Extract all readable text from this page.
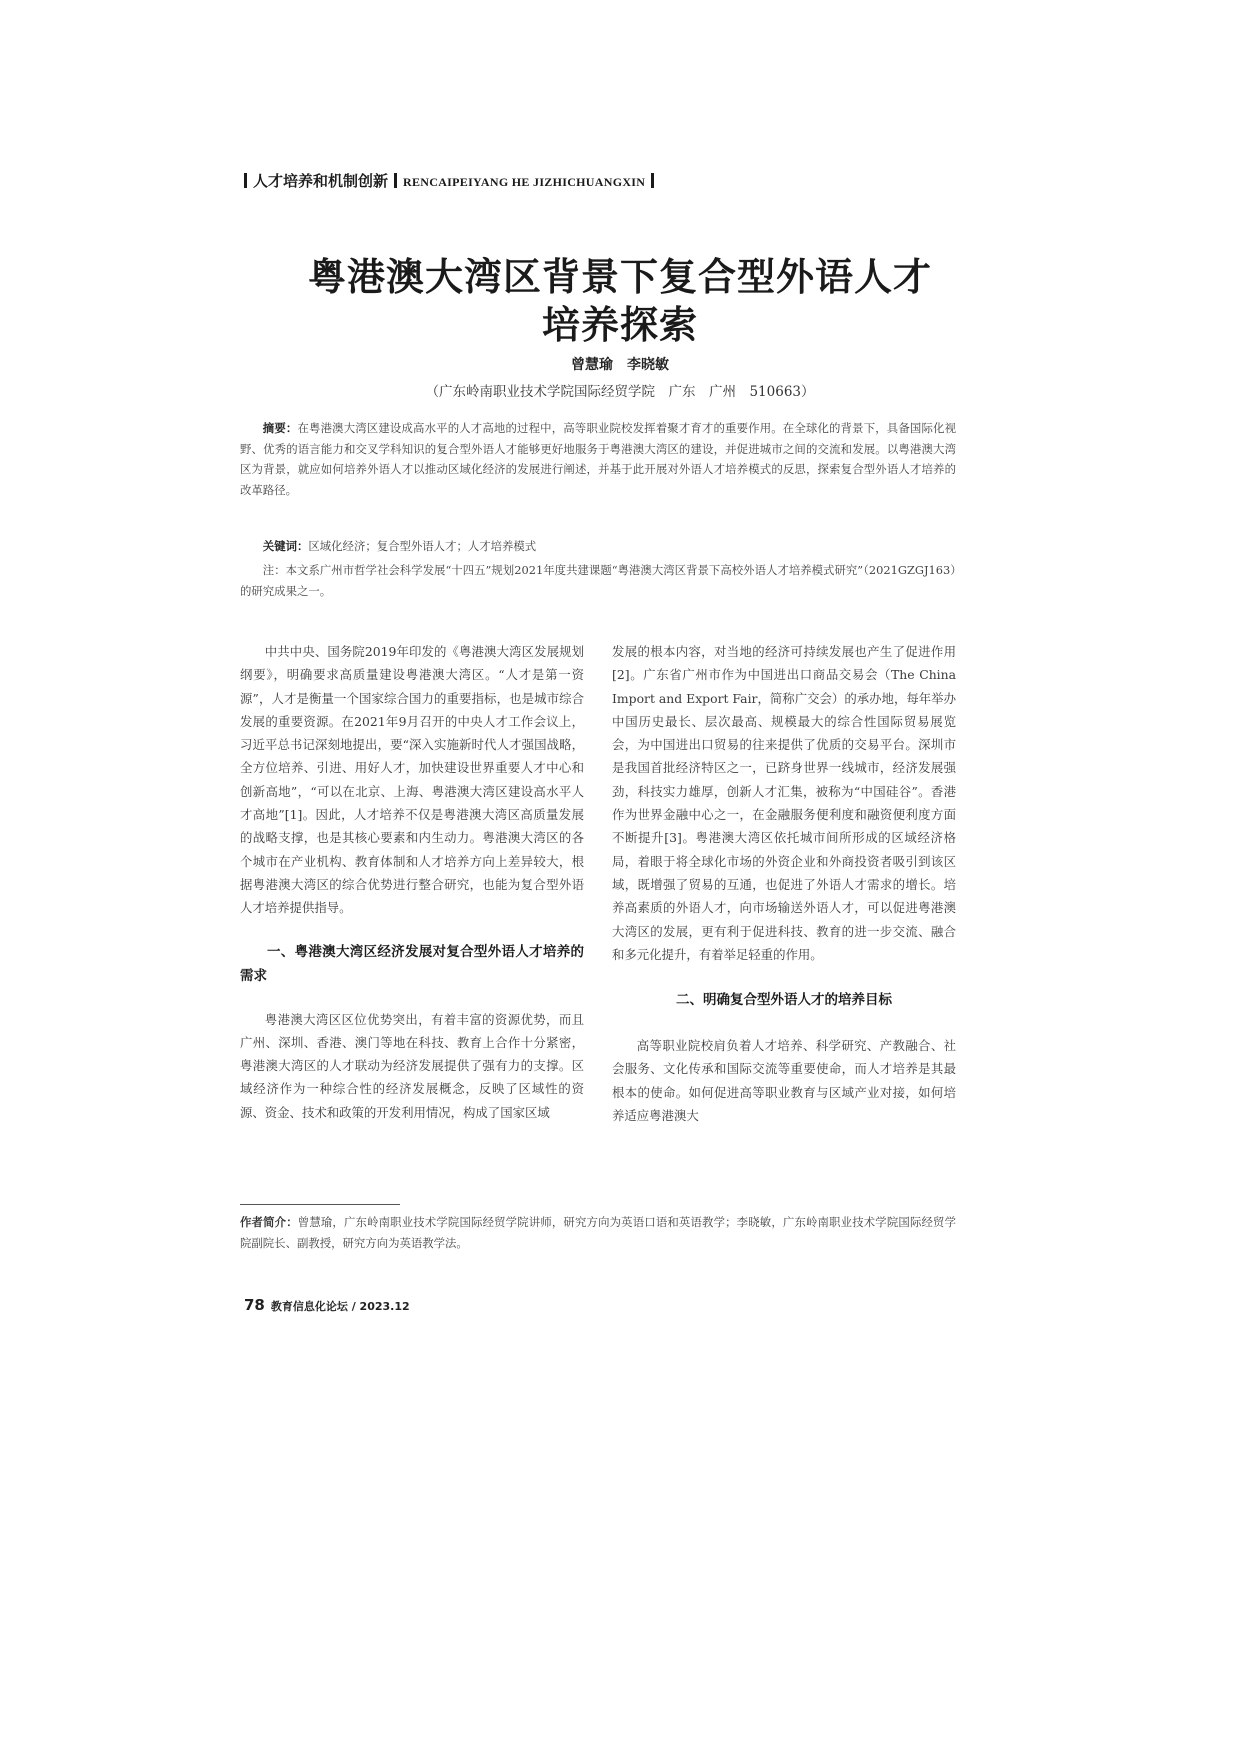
人才培养和机制创新 RENCAIPEIYANG HE JIZHICHUANGXIN
粤港澳大湾区背景下复合型外语人才
培养探索
曾慧瑜　李晓敏
（广东岭南职业技术学院国际经贸学院　广东　广州　510663）
摘要：在粤港澳大湾区建设成高水平的人才高地的过程中，高等职业院校发挥着聚才育才的重要作用。在全球化的背景下，具备国际化视野、优秀的语言能力和交叉学科知识的复合型外语人才能够更好地服务于粤港澳大湾区的建设，并促进城市之间的交流和发展。以粤港澳大湾区为背景，就应如何培养外语人才以推动区域化经济的发展进行阐述，并基于此开展对外语人才培养模式的反思，探索复合型外语人才培养的改革路径。
关键词：区域化经济；复合型外语人才；人才培养模式
注：本文系广州市哲学社会科学发展“十四五”规划2021年度共建课题“粤港澳大湾区背景下高校外语人才培养模式研究”（2021GZGJ163）的研究成果之一。

中共中央、国务院2019年印发的《粤港澳大湾区发展规划纲要》，明确要求高质量建设粤港澳大湾区。“人才是第一资源”，人才是衡量一个国家综合国力的重要指标，也是城市综合发展的重要资源。在2021年9月召开的中央人才工作会议上，习近平总书记深刻地提出，要“深入实施新时代人才强国战略，全方位培养、引进、用好人才，加快建设世界重要人才中心和创新高地”，“可以在北京、上海、粤港澳大湾区建设高水平人才高地”[1]。因此，人才培养不仅是粤港澳大湾区高质量发展的战略支撑，也是其核心要素和内生动力。粤港澳大湾区的各个城市在产业机构、教育体制和人才培养方向上差异较大，根据粤港澳大湾区的综合优势进行整合研究，也能为复合型外语人才培养提供指导。

一、粤港澳大湾区经济发展对复合型外语人才培养的需求

粤港澳大湾区区位优势突出，有着丰富的资源优势，而且广州、深圳、香港、澳门等地在科技、教育上合作十分紧密，粤港澳大湾区的人才联动为经济发展提供了强有力的支撑。区域经济作为一种综合性的经济发展概念，反映了区域性的资源、资金、技术和政策的开发利用情况，构成了国家区域

发展的根本内容，对当地的经济可持续发展也产生了促进作用[2]。广东省广州市作为中国进出口商品交易会（The China Import and Export Fair，简称广交会）的承办地，每年举办中国历史最长、层次最高、规模最大的综合性国际贸易展览会，为中国进出口贸易的往来提供了优质的交易平台。深圳市是我国首批经济特区之一，已跻身世界一线城市，经济发展强劲，科技实力雄厚，创新人才汇集，被称为“中国硅谷”。香港作为世界金融中心之一，在金融服务便利度和融资便利度方面不断提升[3]。粤港澳大湾区依托城市间所形成的区域经济格局，着眼于将全球化市场的外资企业和外商投资者吸引到该区域，既增强了贸易的互通，也促进了外语人才需求的增长。培养高素质的外语人才，向市场输送外语人才，可以促进粤港澳大湾区的发展，更有利于促进科技、教育的进一步交流、融合和多元化提升，有着举足轻重的作用。

二、明确复合型外语人才的培养目标

高等职业院校肩负着人才培养、科学研究、产教融合、社会服务、文化传承和国际交流等重要使命，而人才培养是其最根本的使命。如何促进高等职业教育与区域产业对接，如何培养适应粤港澳大

作者简介：曾慧瑜，广东岭南职业技术学院国际经贸学院讲师，研究方向为英语口语和英语教学；李晓敏，广东岭南职业技术学院国际经贸学院副院长、副教授，研究方向为英语教学法。
78 教育信息化论坛 / 2023.12
